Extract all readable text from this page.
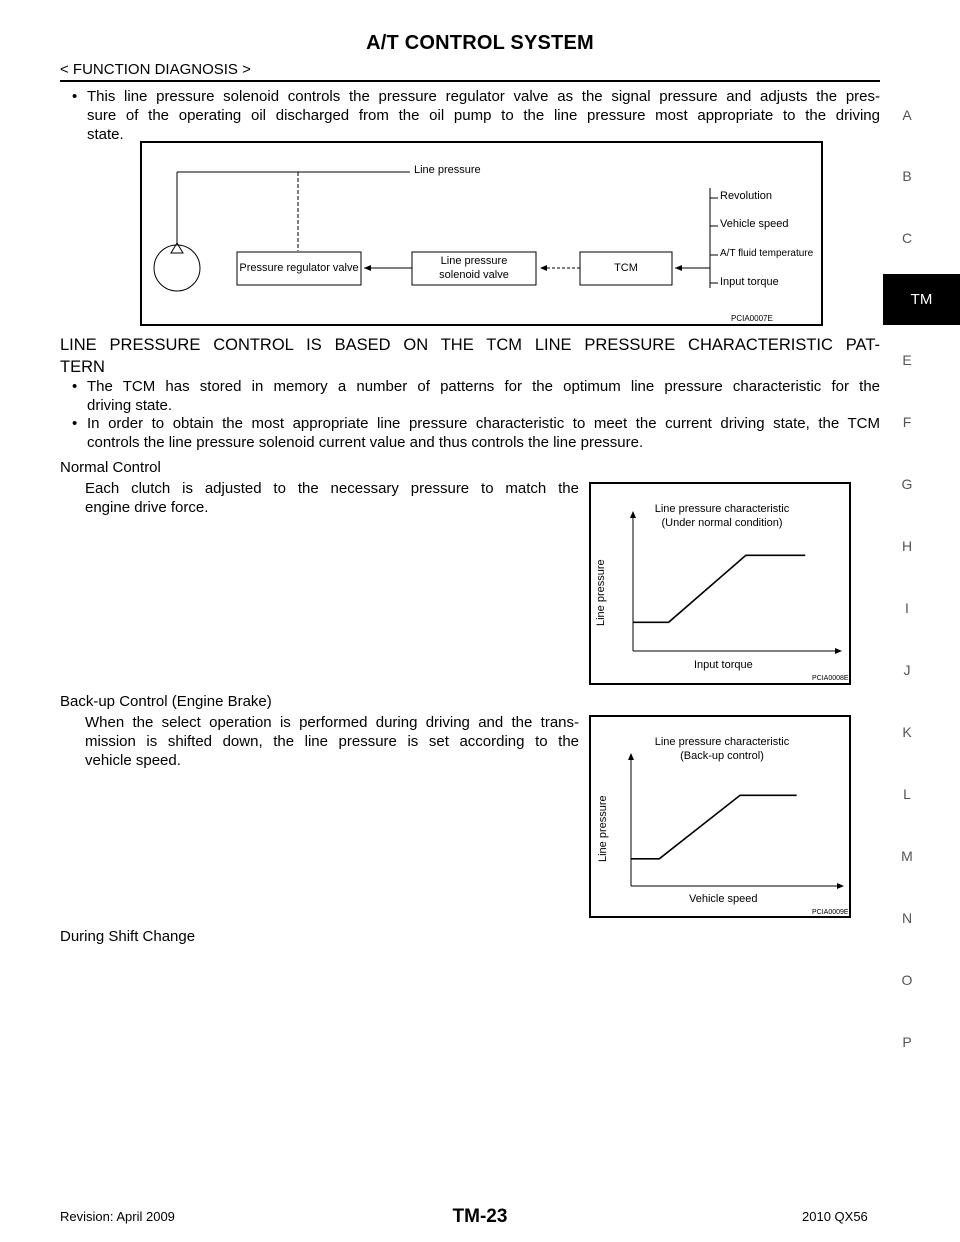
A/T CONTROL SYSTEM
< FUNCTION DIAGNOSIS >
• This line pressure solenoid controls the pressure regulator valve as the signal pressure and adjusts the pres-
sure of the operating oil discharged from the oil pump to the line pressure most appropriate to the driving
state.
Line pressure
Pressure regulator valve
Line pressure
solenoid valve
TCM
Revolution
Vehicle speed
A/T fluid temperature
Input torque
PCIA0007E
LINE PRESSURE CONTROL IS BASED ON THE TCM LINE PRESSURE CHARACTERISTIC PAT-
TERN
• The TCM has stored in memory a number of patterns for the optimum line pressure characteristic for the
driving state.
• In order to obtain the most appropriate line pressure characteristic to meet the current driving state, the TCM
controls the line pressure solenoid current value and thus controls the line pressure.
Normal Control
Each clutch is adjusted to the necessary pressure to match the
engine drive force.	Line pressure characteristic
(Under normal condition)
Line pressure
Input torque
PCIA0008E
Back-up Control (Engine Brake)
When the select operation is performed during driving and the trans-
mission is shifted down, the line pressure is set according to the
vehicle speed.
Line pressure characteristic
(Back-up control)
Line pressure
Vehicle speed
PCIA0009E
During Shift Change
A
B
C
E
F
G
H
I
J
K
L
M
N
O
P
TM
Revision: April 2009	TM-23	2010 QX56
